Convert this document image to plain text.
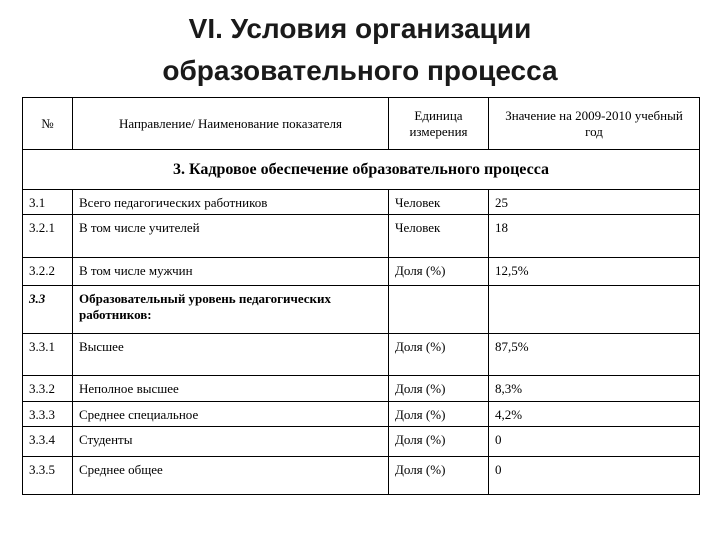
VI. Условия организации
образовательного процесса
№	Направление/ Наименование показателя	Единица измерения	Значение на 2009-2010 учебный год
3. Кадровое обеспечение образовательного процесса			
3.1	Всего педагогических работников	Человек	25
3.2.1	В том числе учителей	Человек	18
3.2.2	В том числе мужчин	Доля (%)	12,5%
3.3	Образовательный уровень педагогических работников:		
3.3.1	Высшее	Доля (%)	87,5%
3.3.2	Неполное высшее	Доля (%)	8,3%
3.3.3	Среднее специальное	Доля (%)	4,2%
3.3.4	Студенты	Доля (%)	0
3.3.5	Среднее общее	Доля (%)	0
